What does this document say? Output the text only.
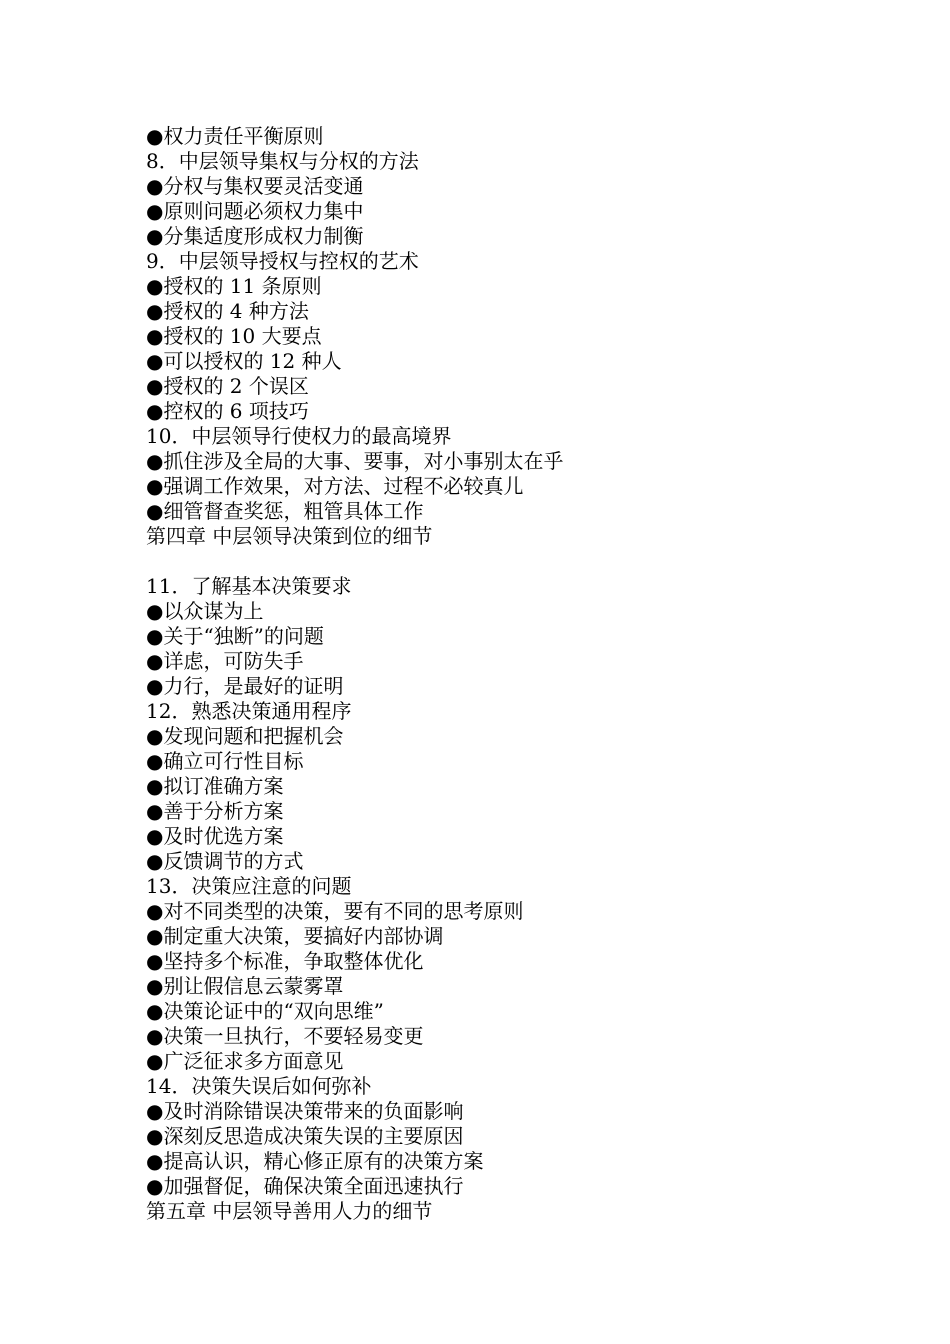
●权力责任平衡原则
8．中层领导集权与分权的方法
●分权与集权要灵活变通
●原则问题必须权力集中
●分集适度形成权力制衡
9．中层领导授权与控权的艺术
●授权的 11 条原则
●授权的 4 种方法
●授权的 10 大要点
●可以授权的 12 种人
●授权的 2 个误区
●控权的 6 项技巧
10．中层领导行使权力的最高境界
●抓住涉及全局的大事、要事，对小事别太在乎
●强调工作效果，对方法、过程不必较真儿
●细管督查奖惩，粗管具体工作
第四章 中层领导决策到位的细节
11．了解基本决策要求
●以众谋为上
●关于“独断”的问题
●详虑，可防失手
●力行，是最好的证明
12．熟悉决策通用程序
●发现问题和把握机会
●确立可行性目标
●拟订准确方案
●善于分析方案
●及时优选方案
●反馈调节的方式
13．决策应注意的问题
●对不同类型的决策，要有不同的思考原则
●制定重大决策，要搞好内部协调
●坚持多个标准，争取整体优化
●别让假信息云蒙雾罩
●决策论证中的“双向思维”
●决策一旦执行，不要轻易变更
●广泛征求多方面意见
14．决策失误后如何弥补
●及时消除错误决策带来的负面影响
●深刻反思造成决策失误的主要原因
●提高认识，精心修正原有的决策方案
●加强督促，确保决策全面迅速执行
第五章 中层领导善用人力的细节
